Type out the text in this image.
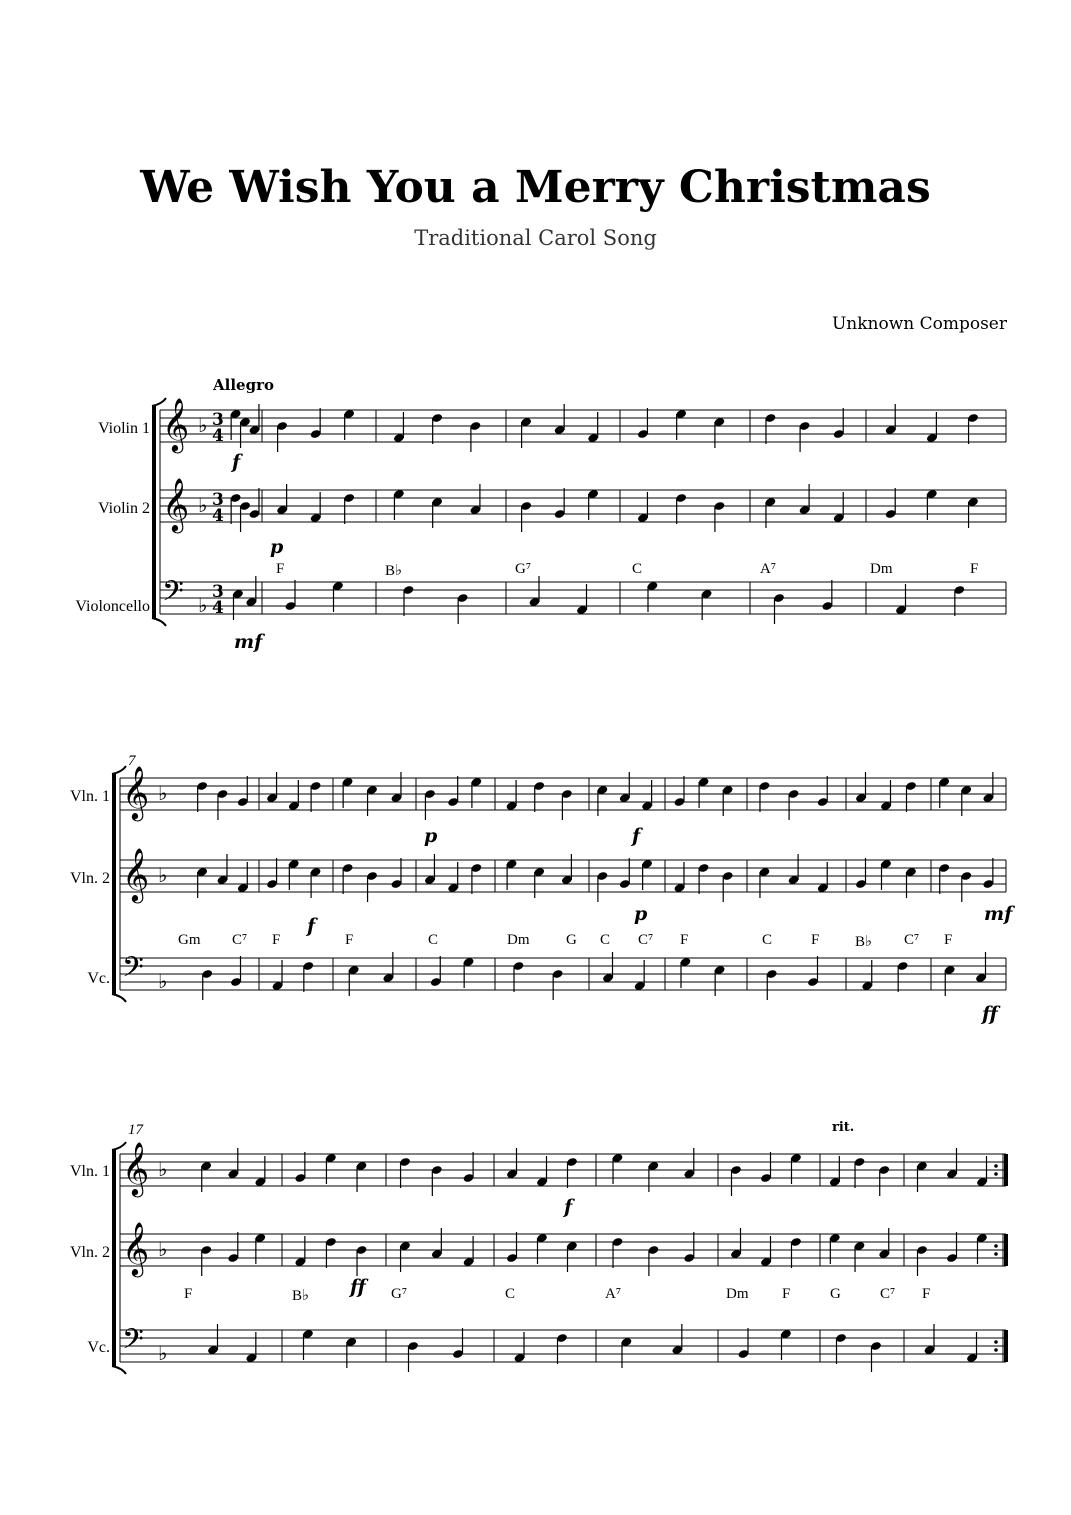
We Wish You a Merry Christmas
Traditional Carol Song
Unknown Composer
Allegro
Violin 1
Violin 2
Violoncello
Vln. 1
Vln. 2
Vc.
Vln. 1
Vln. 2
Vc.
7
17	rit.
F	B♭	G⁷	C	A⁷	Dm	F
Gm C⁷ F	F	C	Dm G C C⁷ F	C	F B♭ C⁷ F
F	B♭	G⁷	C	A⁷	Dm F	G	C⁷ F
𝄞 ♭ 3
4
𝄞 ♭ 3
4
𝄢 ♭
3
4
𝄞 ♭
𝄞 ♭
𝄢 ♭
𝄞 ♭
𝄞 ♭
𝄢 ♭
f
p
mf
p	f
f
p	mf
ff
f
ff
